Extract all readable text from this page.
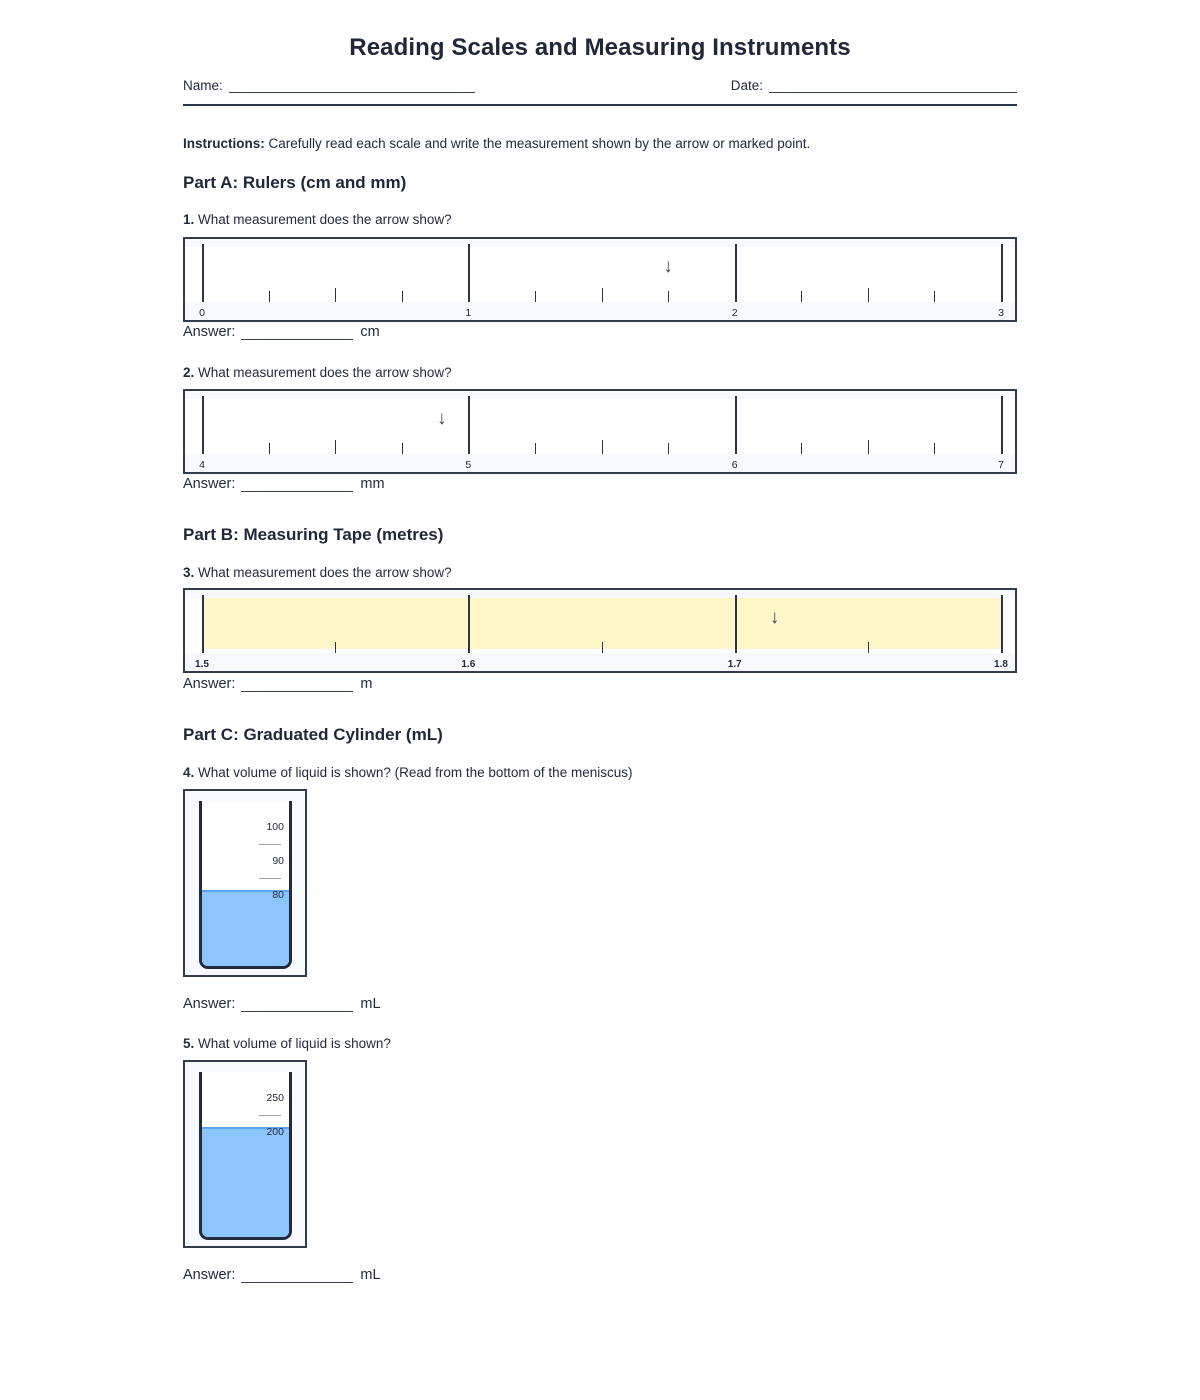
Reading Scales and Measuring Instruments
Name:	Date:
Instructions: Carefully read each scale and write the measurement shown by the arrow or marked point.
Part A: Rulers (cm and mm)
1. What measurement does the arrow show?
0	1	2	3
↓
Answer:	cm
2. What measurement does the arrow show?
4	5	6	7
↓
Answer:	mm
Part B: Measuring Tape (metres)
3. What measurement does the arrow show?
1.5	1.6	1.7	1.8
↓
Answer:	m
Part C: Graduated Cylinder (mL)
4. What volume of liquid is shown? (Read from the bottom of the meniscus)
100
90
80
Answer:	mL
5. What volume of liquid is shown?
250
200
Answer:	mL
